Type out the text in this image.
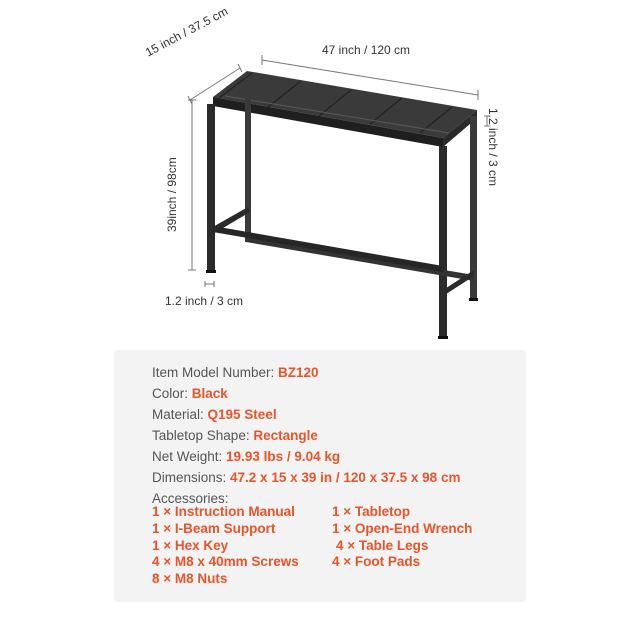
47 inch / 120 cm
15 inch / 37.5 cm
39inch / 98cm
1.2 inch / 3 cm
1.2 inch / 3 cm
Item Model Number: BZ120
Color: Black
Material: Q195 Steel
Tabletop Shape: Rectangle
Net Weight: 19.93 lbs / 9.04 kg
Dimensions: 47.2 x 15 x 39 in / 120 x 37.5 x 98 cm
Accessories:
1 × Instruction Manual	1 × Tabletop
1 × I-Beam Support	1 × Open-End Wrench
1 × Hex Key	4 × Table Legs
4 × M8 x 40mm Screws	4 × Foot Pads
8 × M8 Nuts
